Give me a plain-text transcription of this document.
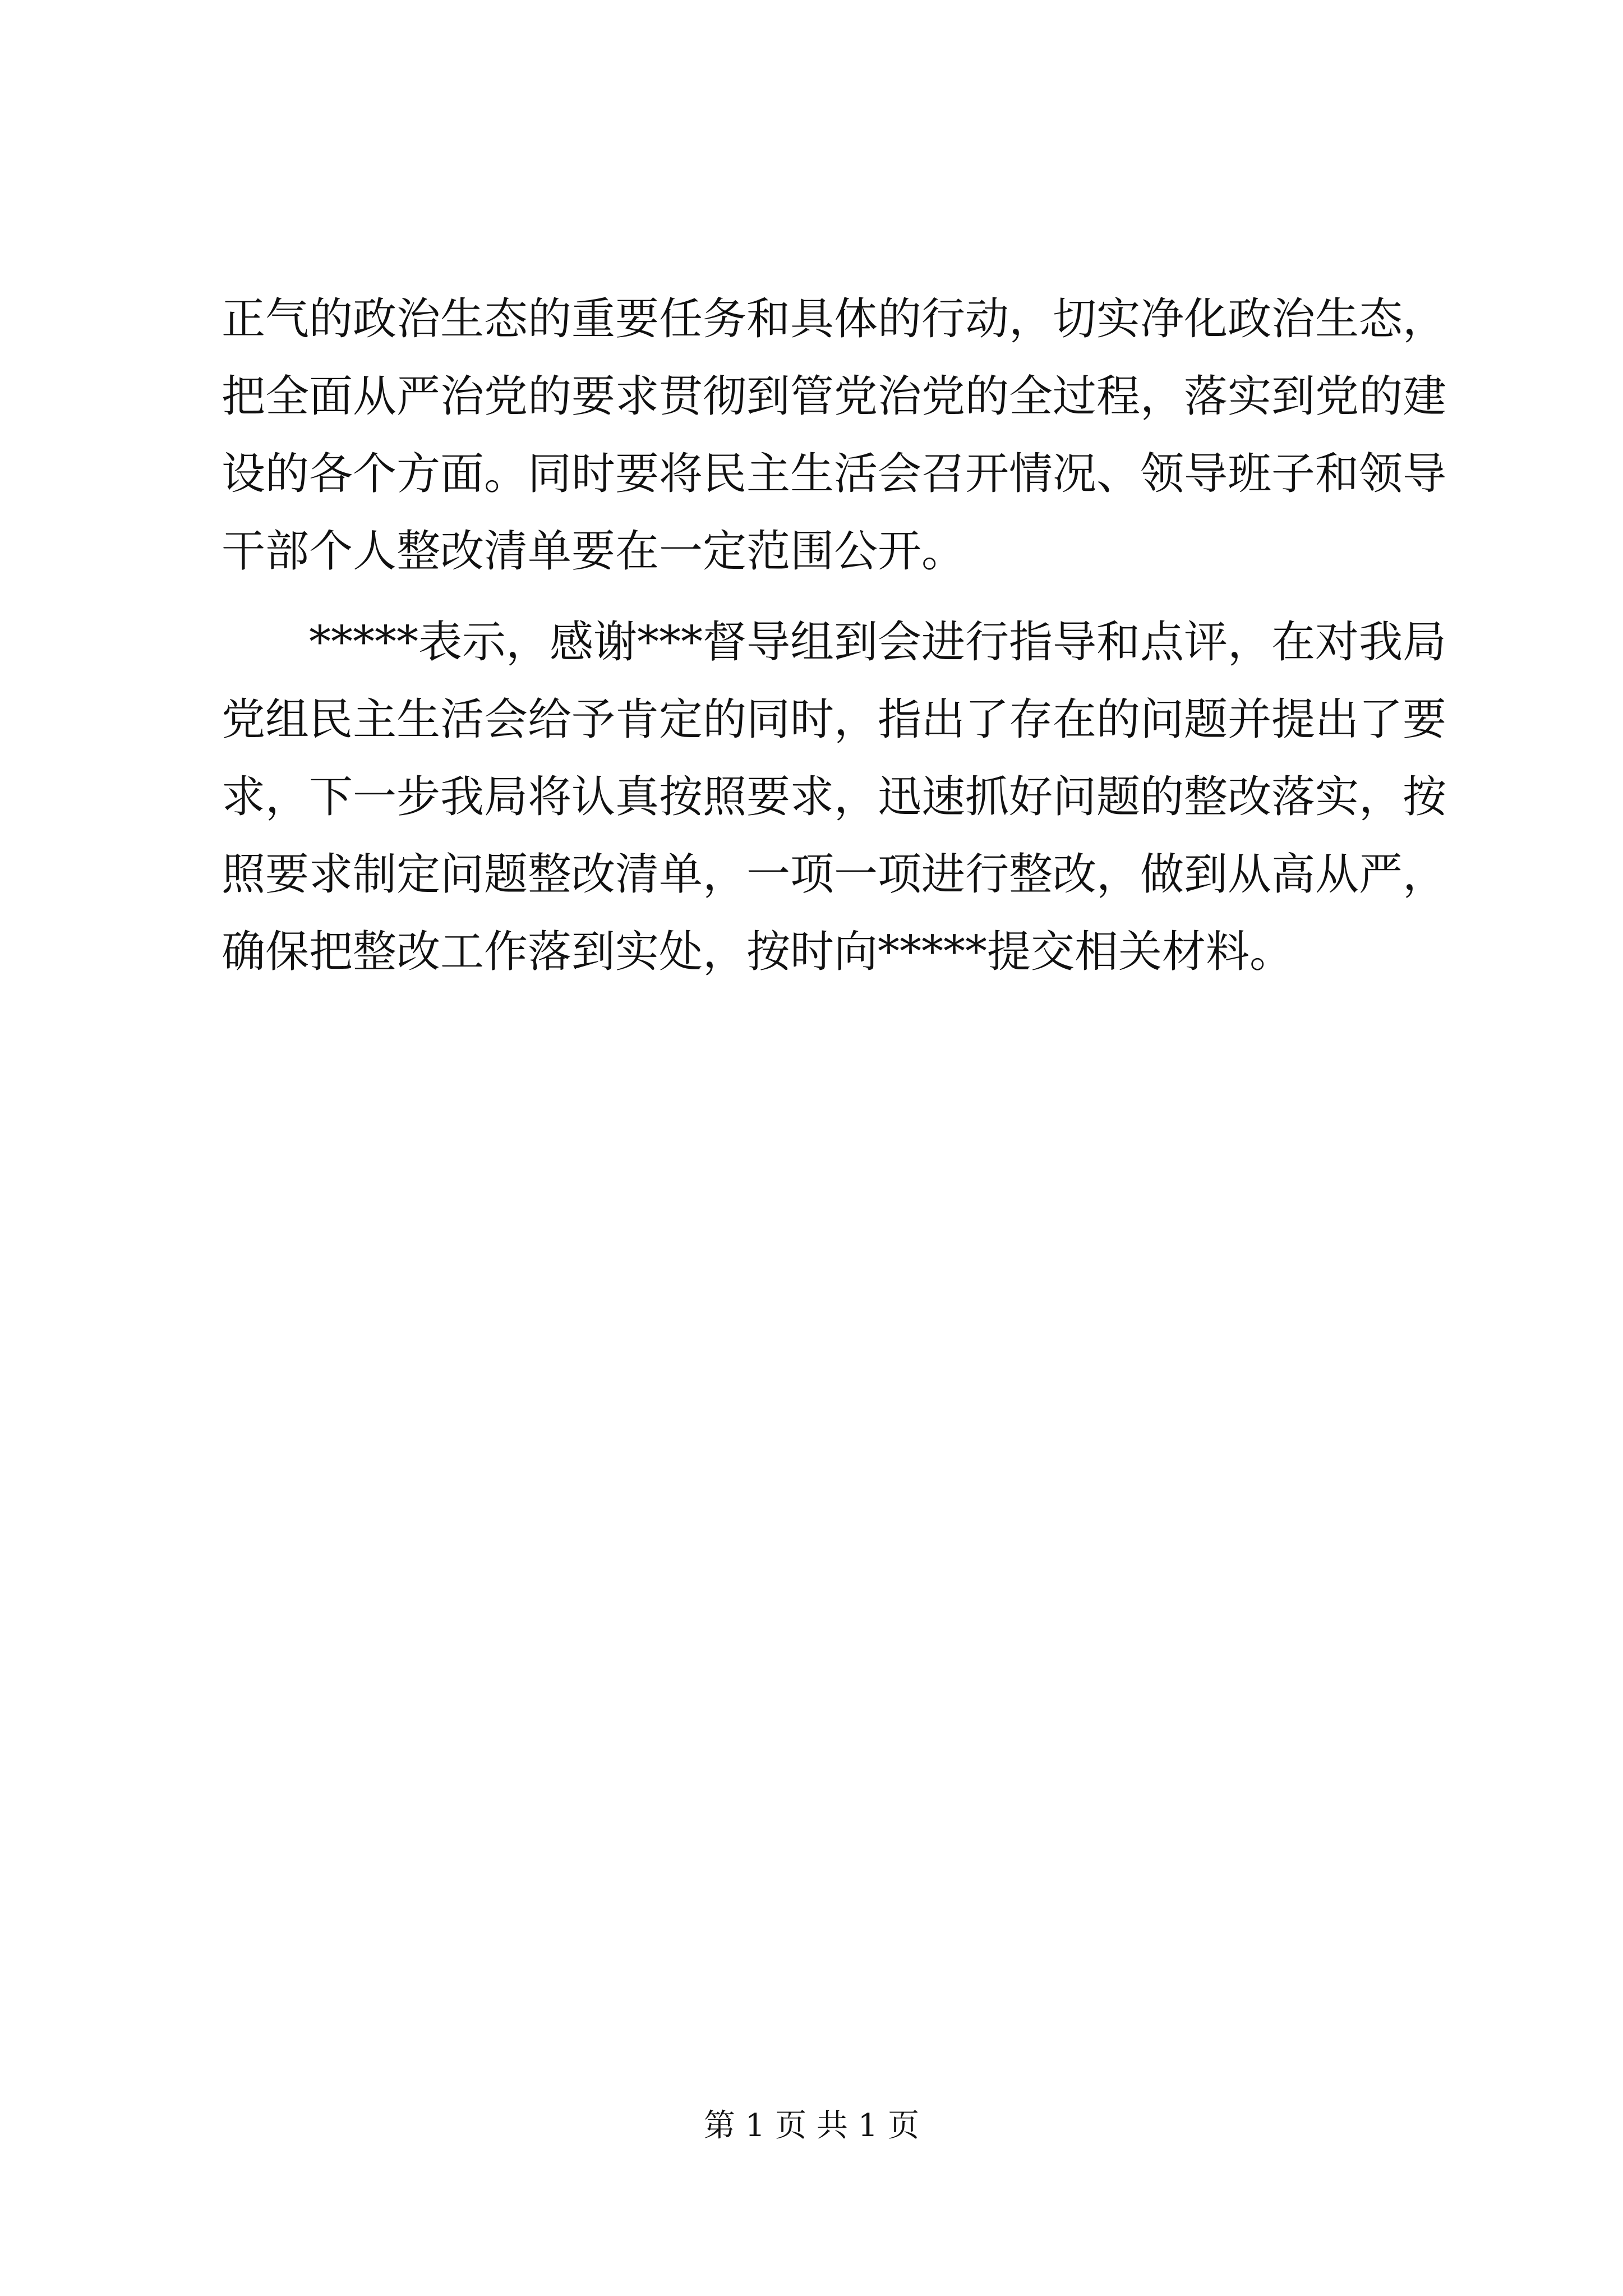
正气的政治生态的重要任务和具体的行动，切实净化政治生态，
把全面从严治党的要求贯彻到管党治党的全过程，落实到党的建
设的各个方面。同时要将民主生活会召开情况、领导班子和领导
干部个人整改清单要在一定范围公开。
*****表示，感谢***督导组到会进行指导和点评，在对我局
党组民主生活会给予肯定的同时，指出了存在的问题并提出了要
求，下一步我局将认真按照要求，迅速抓好问题的整改落实，按
照要求制定问题整改清单，一项一项进行整改，做到从高从严，
确保把整改工作落到实处，按时向*****提交相关材料。
第 1 页 共 1 页
